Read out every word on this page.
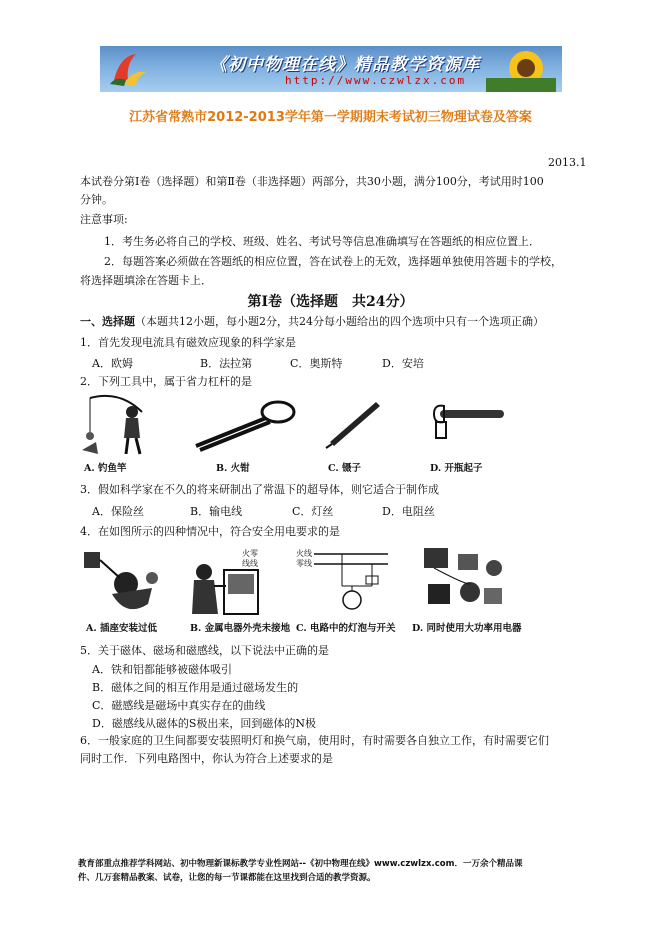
《初中物理在线》精品教学资源库
http://www.czwlzx.com
江苏省常熟市2012-2013学年第一学期期末考试初三物理试卷及答案
2013.1
本试卷分第Ⅰ卷（选择题）和第Ⅱ卷（非选择题）两部分，共30小题，满分100分，考试用时100
分钟。
注意事项:
1．考生务必将自己的学校、班级、姓名、考试号等信息准确填写在答题纸的相应位置上．
2．每题答案必须做在答题纸的相应位置，答在试卷上的无效，选择题单独使用答题卡的学校，
将选择题填涂在答题卡上．
第Ⅰ卷（选择题　共24分）
一、选择题（本题共12小题，每小题2分，共24分每小题给出的四个选项中只有一个选项正确）
1．首先发现电流具有磁效应现象的科学家是
A．欧姆	B．法拉第	C．奥斯特	D．安培
2．下列工具中，属于省力杠杆的是
A. 钓鱼竿	B. 火钳	C. 镊子	D. 开瓶起子
3．假如科学家在不久的将来研制出了常温下的超导体，则它适合于制作成
A．保险丝	B．输电线	C．灯丝	D．电阻丝
4．在如图所示的四种情况中，符合安全用电要求的是
火零
线线
火线
零线
A. 插座安装过低	B. 金属电器外壳未接地 C. 电路中的灯泡与开关 D. 同时使用大功率用电器
5．关于磁体、磁场和磁感线，以下说法中正确的是
A．铁和铝都能够被磁体吸引
B．磁体之间的相互作用是通过磁场发生的
C．磁感线是磁场中真实存在的曲线
D．磁感线从磁体的S极出来，回到磁体的N极
6．一般家庭的卫生间都要安装照明灯和换气扇，使用时，有时需要各自独立工作，有时需要它们
同时工作．下列电路图中，你认为符合上述要求的是
教育部重点推荐学科网站、初中物理新课标教学专业性网站--《初中物理在线》www.czwlzx.com．一万余个精品课
件、几万套精品教案、试卷，让您的每一节课都能在这里找到合适的教学资源。
